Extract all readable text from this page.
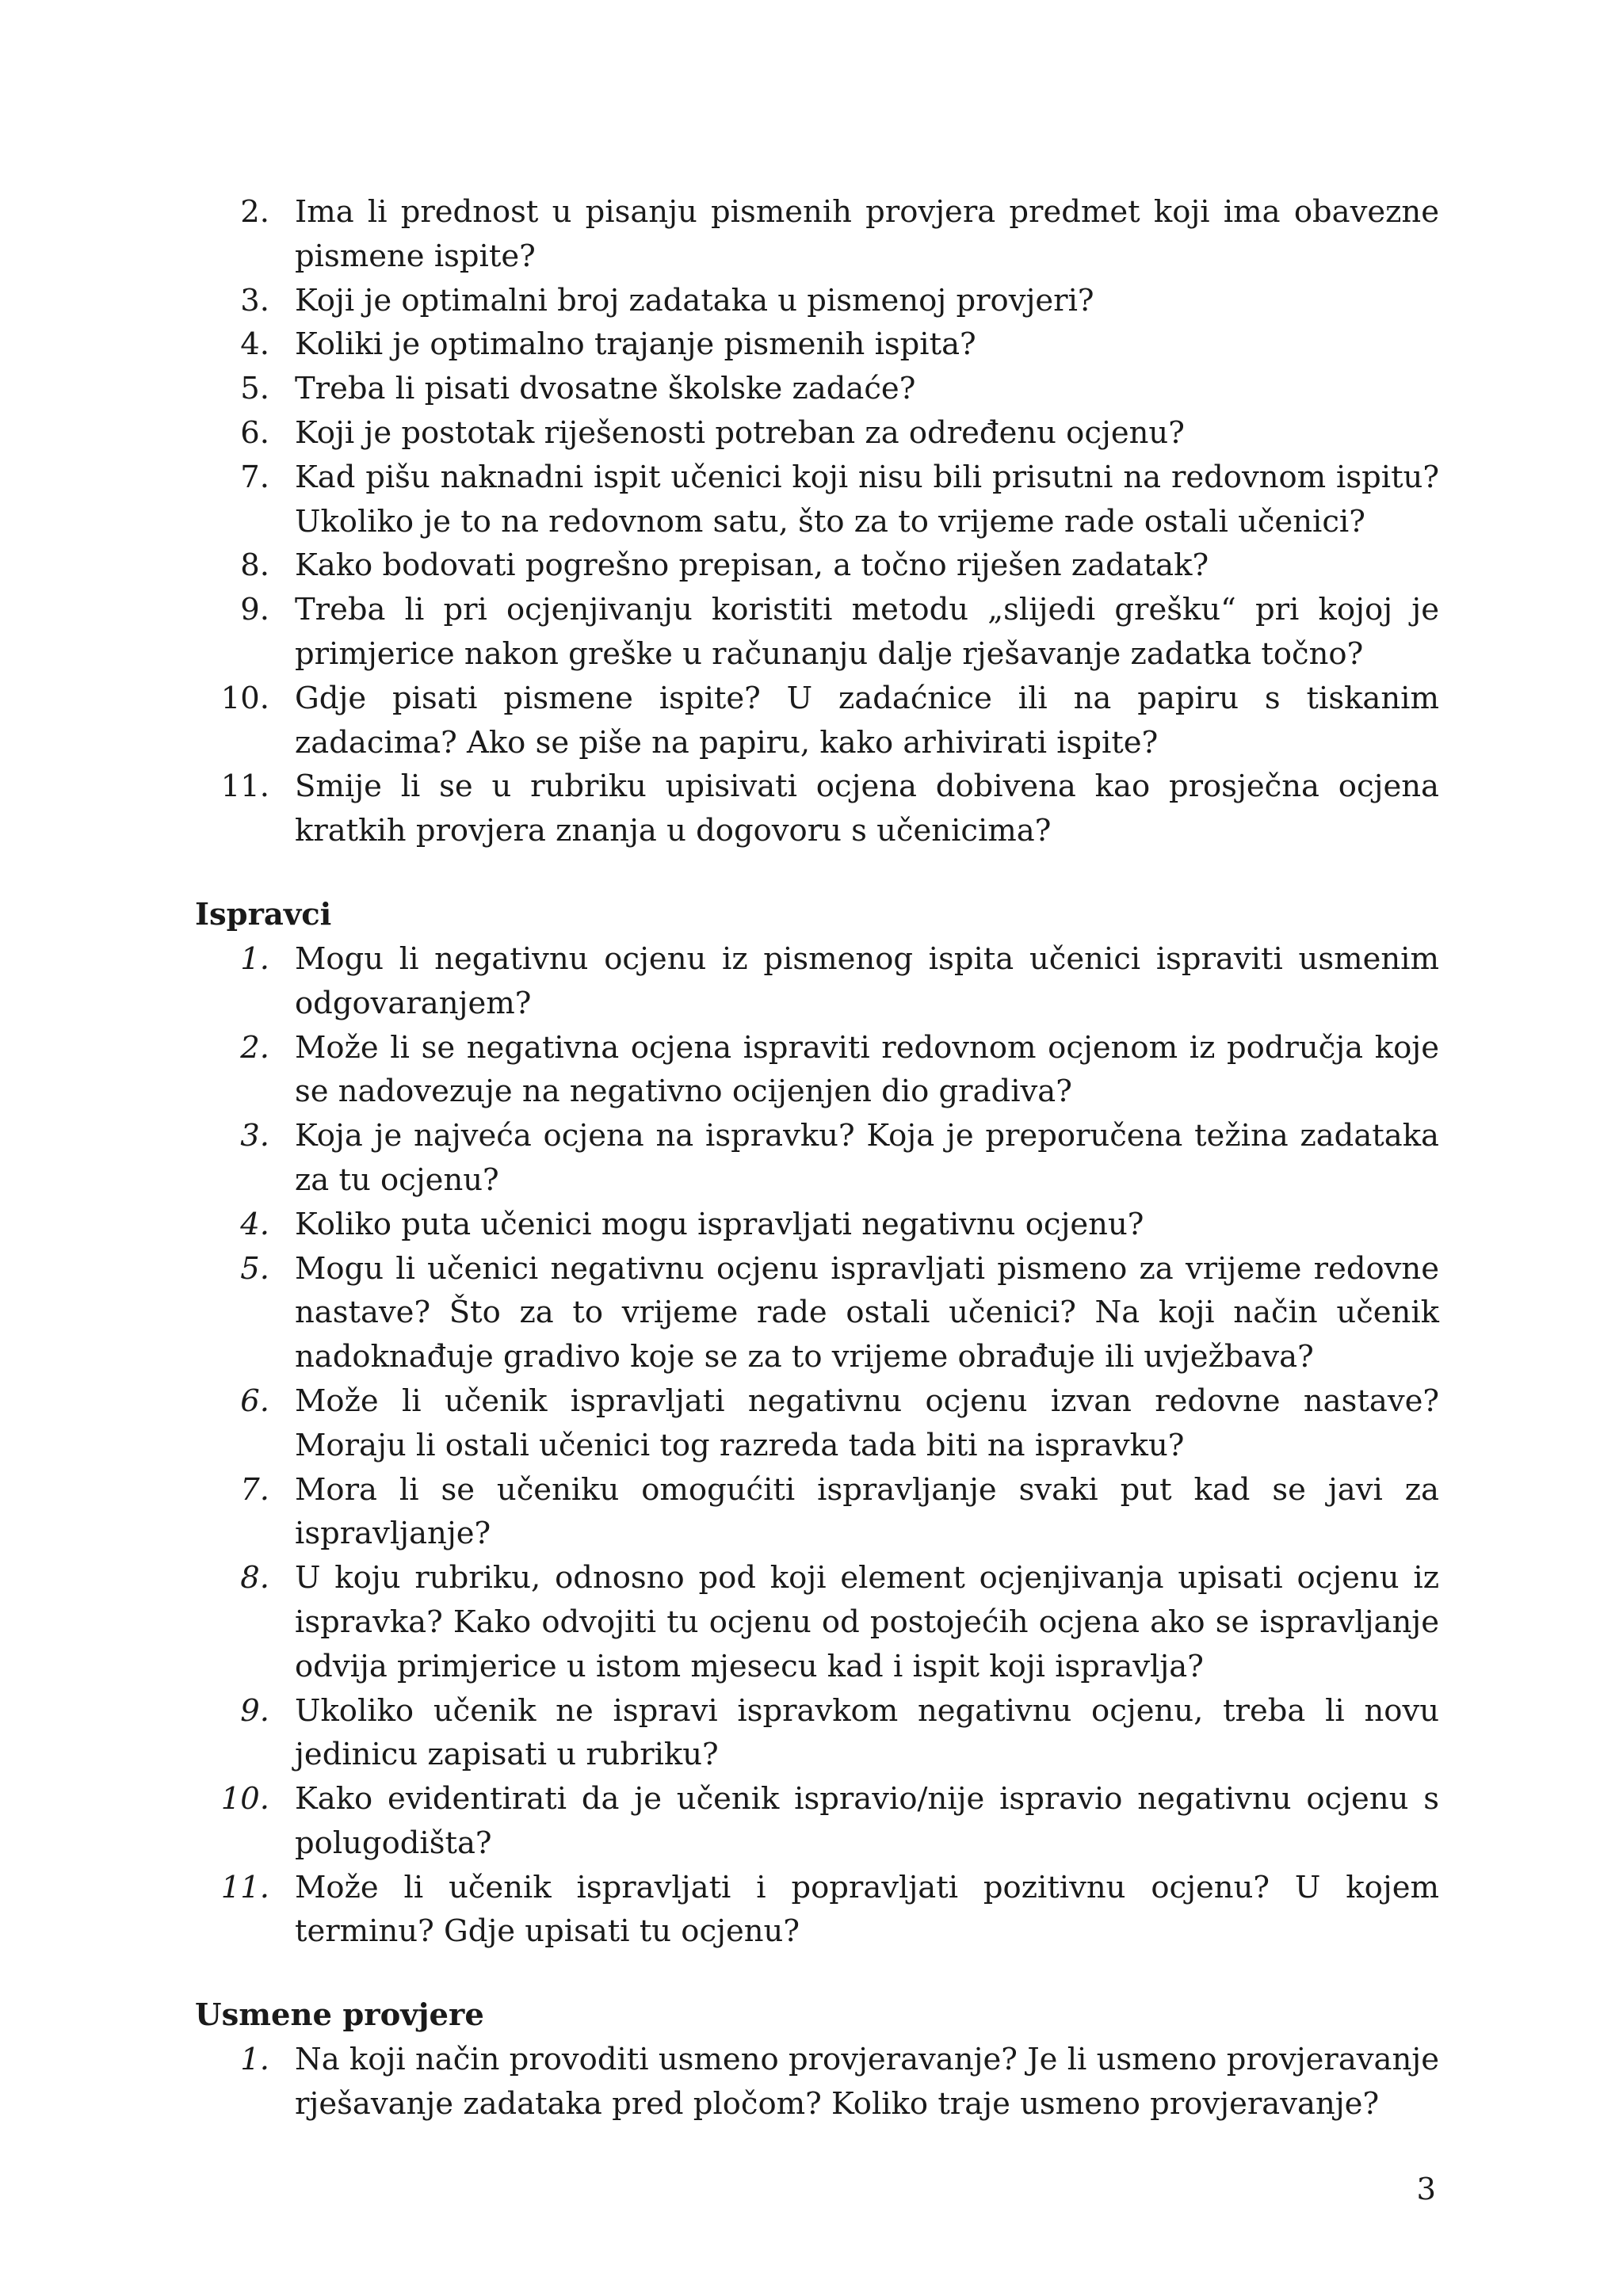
2. Ima li prednost u pisanju pismenih provjera predmet koji ima obavezne pismene ispite?
3. Koji je optimalni broj zadataka u pismenoj provjeri?
4. Koliki je optimalno trajanje pismenih ispita?
5. Treba li pisati dvosatne školske zadaće?
6. Koji je postotak riješenosti potreban za određenu ocjenu?
7. Kad pišu naknadni ispit učenici koji nisu bili prisutni na redovnom ispitu? Ukoliko je to na redovnom satu, što za to vrijeme rade ostali učenici?
8. Kako bodovati pogrešno prepisan, a točno riješen zadatak?
9. Treba li pri ocjenjivanju koristiti metodu „slijedi grešku“ pri kojoj je primjerice nakon greške u računanju dalje rješavanje zadatka točno?
10. Gdje pisati pismene ispite? U zadaćnice ili na papiru s tiskanim zadacima? Ako se piše na papiru, kako arhivirati ispite?
11. Smije li se u rubriku upisivati ocjena dobivena kao prosječna ocjena kratkih provjera znanja u dogovoru s učenicima?
Ispravci
1. Mogu li negativnu ocjenu iz pismenog ispita učenici ispraviti usmenim odgovaranjem?
2. Može li se negativna ocjena ispraviti redovnom ocjenom iz područja koje se nadovezuje na negativno ocijenjen dio gradiva?
3. Koja je najveća ocjena na ispravku? Koja je preporučena težina zadataka za tu ocjenu?
4. Koliko puta učenici mogu ispravljati negativnu ocjenu?
5. Mogu li učenici negativnu ocjenu ispravljati pismeno za vrijeme redovne nastave? Što za to vrijeme rade ostali učenici? Na koji način učenik nadoknađuje gradivo koje se za to vrijeme obrađuje ili uvježbava?
6. Može li učenik ispravljati negativnu ocjenu izvan redovne nastave? Moraju li ostali učenici tog razreda tada biti na ispravku?
7. Mora li se učeniku omogućiti ispravljanje svaki put kad se javi za ispravljanje?
8. U koju rubriku, odnosno pod koji element ocjenjivanja upisati ocjenu iz ispravka? Kako odvojiti tu ocjenu od postojećih ocjena ako se ispravljanje odvija primjerice u istom mjesecu kad i ispit koji ispravlja?
9. Ukoliko učenik ne ispravi ispravkom negativnu ocjenu, treba li novu jedinicu zapisati u rubriku?
10. Kako evidentirati da je učenik ispravio/nije ispravio negativnu ocjenu s polugodišta?
11. Može li učenik ispravljati i popravljati pozitivnu ocjenu? U kojem terminu? Gdje upisati tu ocjenu?
Usmene provjere
1. Na koji način provoditi usmeno provjeravanje? Je li usmeno provjeravanje rješavanje zadataka pred pločom? Koliko traje usmeno provjeravanje?
3
